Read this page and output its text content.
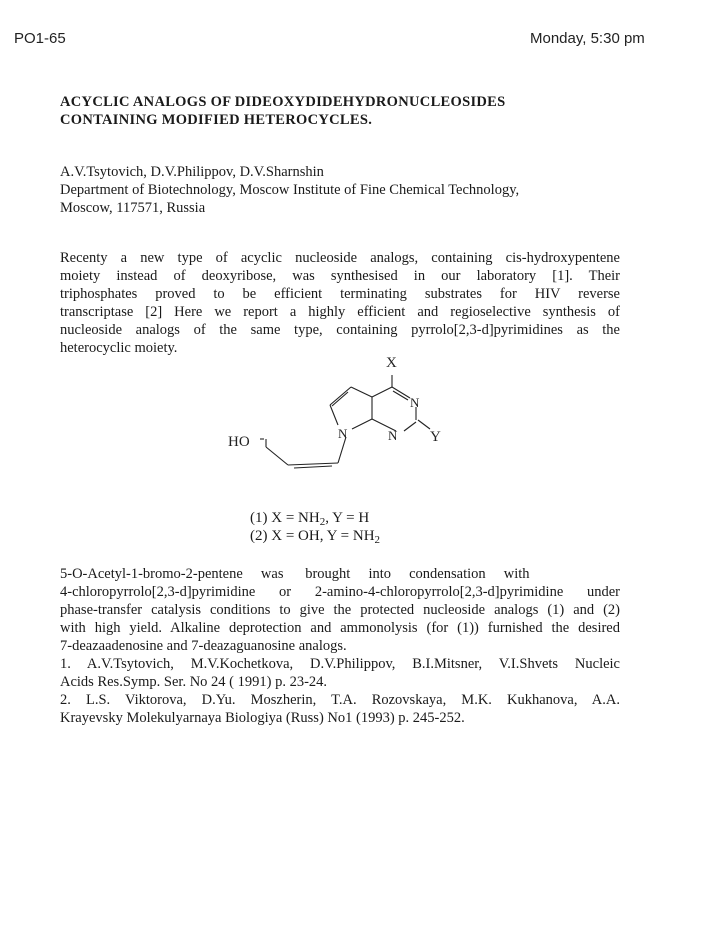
PO1-65	Monday, 5:30 pm
ACYCLIC ANALOGS OF DIDEOXYDIDEHYDRONUCLEOSIDES
CONTAINING MODIFIED HETEROCYCLES.
A.V.Tsytovich, D.V.Philippov, D.V.Sharnshin
Department of Biotechnology, Moscow Institute of Fine Chemical Technology,
Moscow, 117571, Russia
Recenty a new type of acyclic nucleoside analogs, containing cis-hydroxypentene
moiety instead of deoxyribose, was synthesised in our laboratory [1]. Their
triphosphates proved to be efficient terminating substrates for HIV reverse
transcriptase [2] Here we report a highly efficient and regioselective synthesis of
nucleoside analogs of the same type, containing pyrrolo[2,3-d]pyrimidines as the
heterocyclic moiety.
X
N
N
N	Y
HO
(1) $X = NH_2$, Y = H
(2) X = OH, $Y = NH_2$
5-O-Acetyl-1-bromo-2-pentene     was      brought     into     condensation     with
4-chloropyrrolo[2,3-d]pyrimidine or 2-amino-4-chloropyrrolo[2,3-d]pyrimidine under
phase-transfer catalysis conditions to give the protected nucleoside analogs (1) and (2)
with high yield. Alkaline deprotection and ammonolysis (for (1)) furnished the desired
7-deazaadenosine and 7-deazaguanosine analogs.
1. A.V.Tsytovich, M.V.Kochetkova, D.V.Philippov, B.I.Mitsner, V.I.Shvets Nucleic
Acids Res.Symp. Ser. No 24 ( 1991) p. 23-24.
2. L.S. Viktorova, D.Yu. Moszherin, T.A. Rozovskaya, M.K. Kukhanova, A.A.
Krayevsky Molekulyarnaya Biologiya (Russ) No1 (1993) p. 245-252.
